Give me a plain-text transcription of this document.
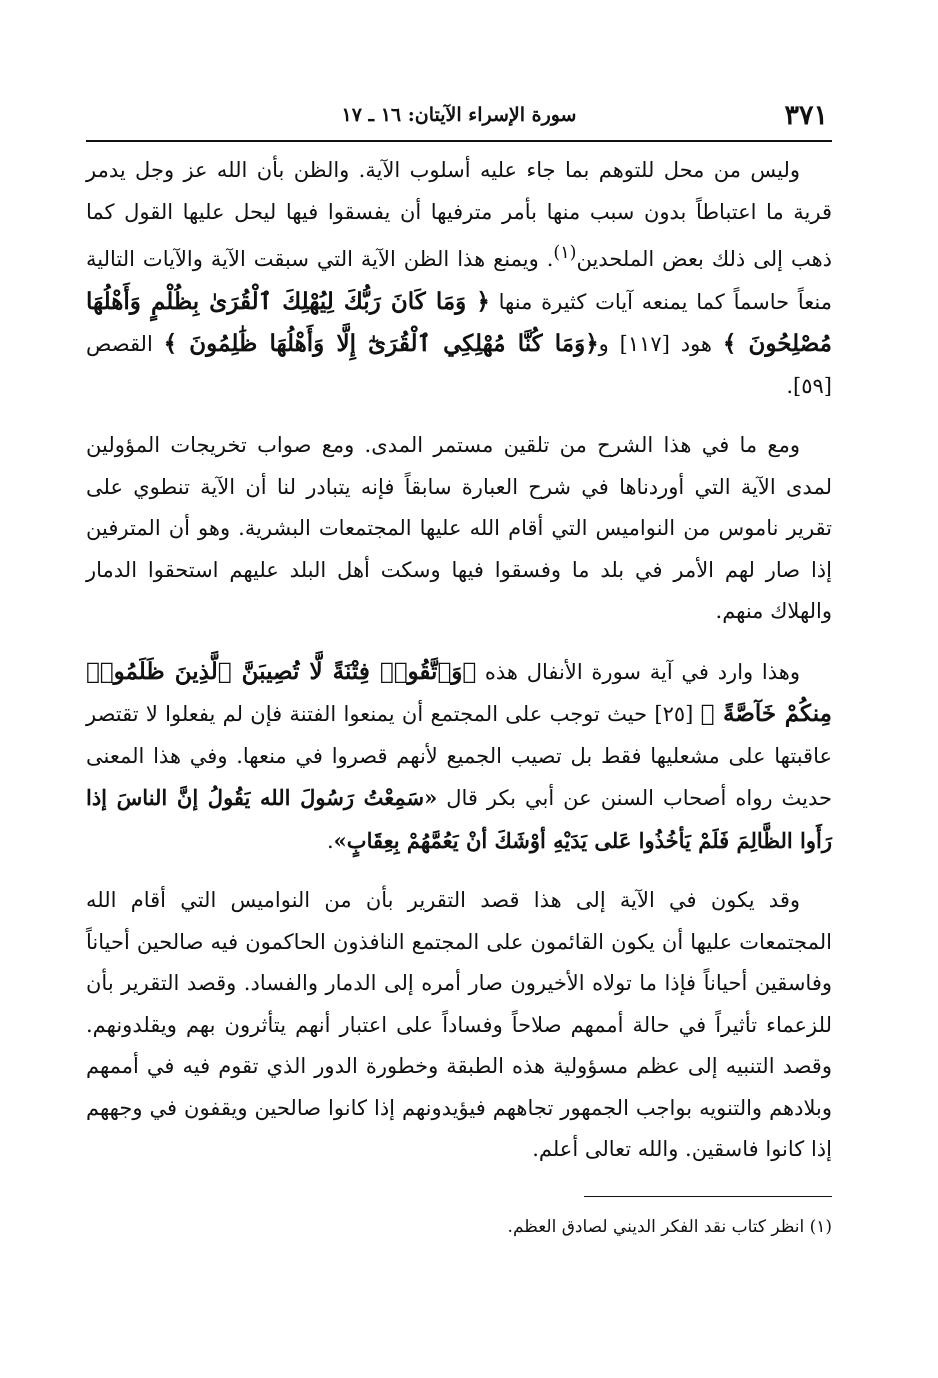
٣٧١
سورة الإسراء الآيتان: ١٦ ـ ١٧

وليس من محل للتوهم بما جاء عليه أسلوب الآية. والظن بأن الله عز وجل يدمر قرية ما اعتباطاً بدون سبب منها بأمر مترفيها أن يفسقوا فيها ليحل عليها القول كما ذهب إلى ذلك بعض الملحدين$^{(١)}$. ويمنع هذا الظن الآية التي سبقت الآية والآيات التالية منعاً حاسماً كما يمنعه آيات كثيرة منها ﴿ وَمَا كَانَ رَبُّكَ لِيُهْلِكَ ٱلْقُرَىٰ بِظُلْمٍ وَأَهْلُهَا مُصْلِحُونَ ﴾ هود [١١٧] و﴿وَمَا كُنَّا مُهْلِكِي ٱلْقُرَىٰٓ إِلَّا وَأَهْلُهَا ظَٰلِمُونَ ﴾ القصص [٥٩].

ومع ما في هذا الشرح من تلقين مستمر المدى. ومع صواب تخريجات المؤولين لمدى الآية التي أوردناها في شرح العبارة سابقاً فإنه يتبادر لنا أن الآية تنطوي على تقرير ناموس من النواميس التي أقام الله عليها المجتمعات البشرية. وهو أن المترفين إذا صار لهم الأمر في بلد ما وفسقوا فيها وسكت أهل البلد عليهم استحقوا الدمار والهلاك منهم.

وهذا وارد في آية سورة الأنفال هذه ﴿وَٱتَّقُوا۟ فِتْنَةً لَّا تُصِيبَنَّ ٱلَّذِينَ ظَلَمُوا۟ مِنكُمْ خَآصَّةً ﴾ [٢٥] حيث توجب على المجتمع أن يمنعوا الفتنة فإن لم يفعلوا لا تقتصر عاقبتها على مشعليها فقط بل تصيب الجميع لأنهم قصروا في منعها. وفي هذا المعنى حديث رواه أصحاب السنن عن أبي بكر قال «سَمِعْتُ رَسُولَ الله يَقُولُ إنَّ الناسَ إذا رَأَوا الظَّالِمَ فَلَمْ يَأخُذُوا عَلى يَدَيْهِ أوْشَكَ أنْ يَعُمَّهُمْ بِعِقَابٍ».

وقد يكون في الآية إلى هذا قصد التقرير بأن من النواميس التي أقام الله المجتمعات عليها أن يكون القائمون على المجتمع النافذون الحاكمون فيه صالحين أحياناً وفاسقين أحياناً فإذا ما تولاه الأخيرون صار أمره إلى الدمار والفساد. وقصد التقرير بأن للزعماء تأثيراً في حالة أممهم صلاحاً وفساداً على اعتبار أنهم يتأثرون بهم ويقلدونهم. وقصد التنبيه إلى عظم مسؤولية هذه الطبقة وخطورة الدور الذي تقوم فيه في أممهم وبلادهم والتنويه بواجب الجمهور تجاههم فيؤيدونهم إذا كانوا صالحين ويقفون في وجههم إذا كانوا فاسقين. والله تعالى أعلم.

(١) انظر كتاب نقد الفكر الديني لصادق العظم.
